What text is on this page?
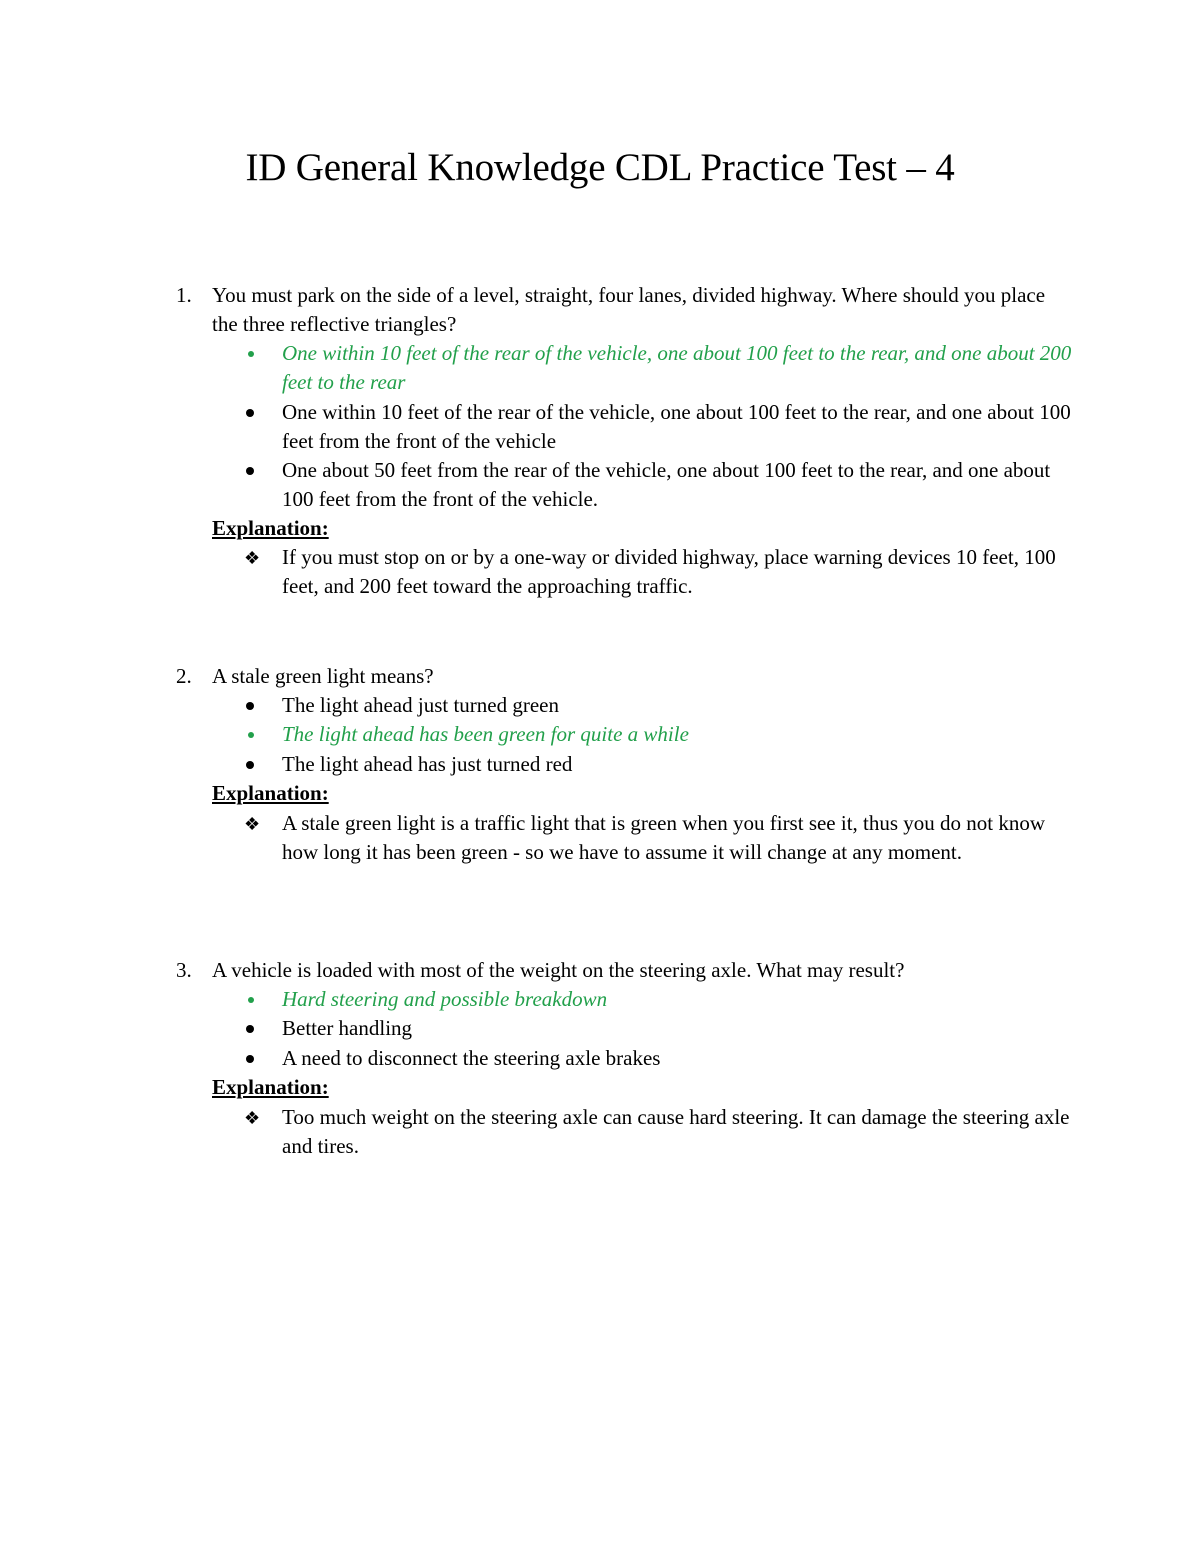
ID General Knowledge CDL Practice Test – 4
1. You must park on the side of a level, straight, four lanes, divided highway. Where should you place the three reflective triangles?
One within 10 feet of the rear of the vehicle, one about 100 feet to the rear, and one about 200 feet to the rear
One within 10 feet of the rear of the vehicle, one about 100 feet to the rear, and one about 100 feet from the front of the vehicle
One about 50 feet from the rear of the vehicle, one about 100 feet to the rear, and one about 100 feet from the front of the vehicle.
Explanation:
❖ If you must stop on or by a one-way or divided highway, place warning devices 10 feet, 100 feet, and 200 feet toward the approaching traffic.
2. A stale green light means?
The light ahead just turned green
The light ahead has been green for quite a while
The light ahead has just turned red
Explanation:
❖ A stale green light is a traffic light that is green when you first see it, thus you do not know how long it has been green - so we have to assume it will change at any moment.
3. A vehicle is loaded with most of the weight on the steering axle. What may result?
Hard steering and possible breakdown
Better handling
A need to disconnect the steering axle brakes
Explanation:
❖ Too much weight on the steering axle can cause hard steering. It can damage the steering axle and tires.
